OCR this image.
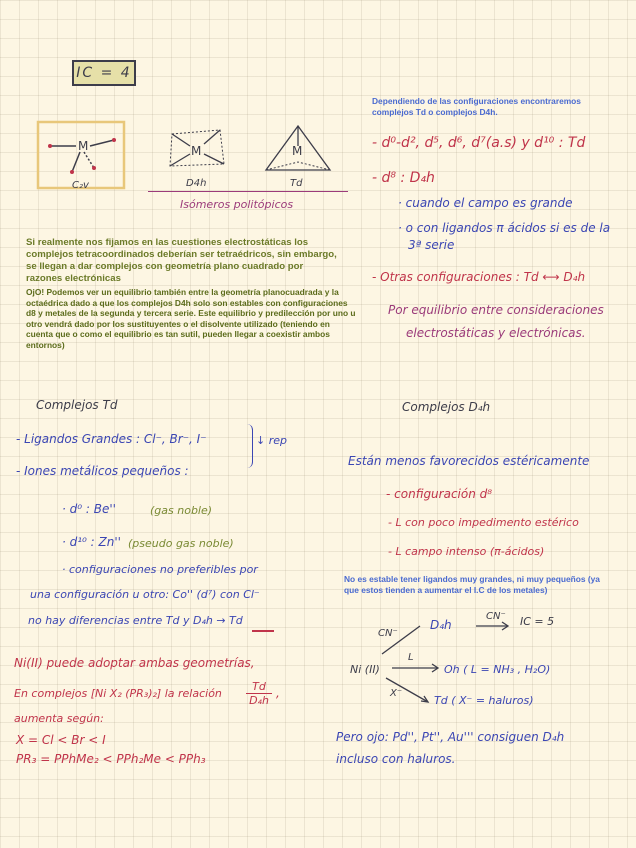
IC = 4
M
C₂v
M
D4h
M
Td
Isómeros politópicos
Si realmente nos fijamos en las cuestiones electrostáticas los complejos tetracoordinados deberían ser tetraédricos, sin embargo, se llegan a dar complejos con geometría plano cuadrado por razones electrónicas
OjO! Podemos ver un equilibrio también entre la geometría planocuadrada y la octaédrica dado a que los complejos D4h solo son estables con configuraciones d8 y metales de la segunda y tercera serie. Este equilibrio y predilección por uno u otro vendrá dado por los sustituyentes o el disolvente utilizado (teniendo en cuenta que o como el equilibrio es tan sutil, pueden llegar a coexistir ambos entornos)
Dependiendo de las configuraciones encontraremos complejos Td o complejos D4h.
- d⁰-d², d⁵, d⁶, d⁷(a.s) y d¹⁰ : Td
- d⁸ : D₄h
· cuando el campo es grande
· o con ligandos π ácidos si es de la
3ª serie
- Otras configuraciones : Td ⟷ D₄h
Por equilibrio entre consideraciones
electrostáticas y electrónicas.
Complejos Td
- Ligandos Grandes : Cl⁻, Br⁻, I⁻	↓ rep
- Iones metálicos pequeños :
· d⁰ : Be''	(gas noble)
· d¹⁰ : Zn'' (pseudo gas noble)
· configuraciones no preferibles por
una configuración u otro: Co'' (d⁷) con Cl⁻
no hay diferencias entre Td y D₄h → Td
Ni(II) puede adoptar ambas geometrías,
En complejos [Ni X₂ (PR₃)₂] la relación $\frac{Td}{\text{D₄h}}$ ,
aumenta según:
X = Cl < Br < I
PR₃ = PPhMe₂ < PPh₂Me < PPh₃
Complejos D₄h
Están menos favorecidos estéricamente
- configuración d⁸
- L con poco impedimento estérico
- L campo intenso (π-ácidos)
No es estable tener ligandos muy grandes, ni muy pequeños (ya que estos tienden a aumentar el I.C de los metales)
CN⁻
D₄h
CN⁻ IC = 5
Ni (II)
L
Oh ( L = NH₃ , H₂O)
X⁻
Td ( X⁻ = haluros)
Pero ojo: Pd'', Pt'', Au''' consiguen D₄h
incluso con haluros.
